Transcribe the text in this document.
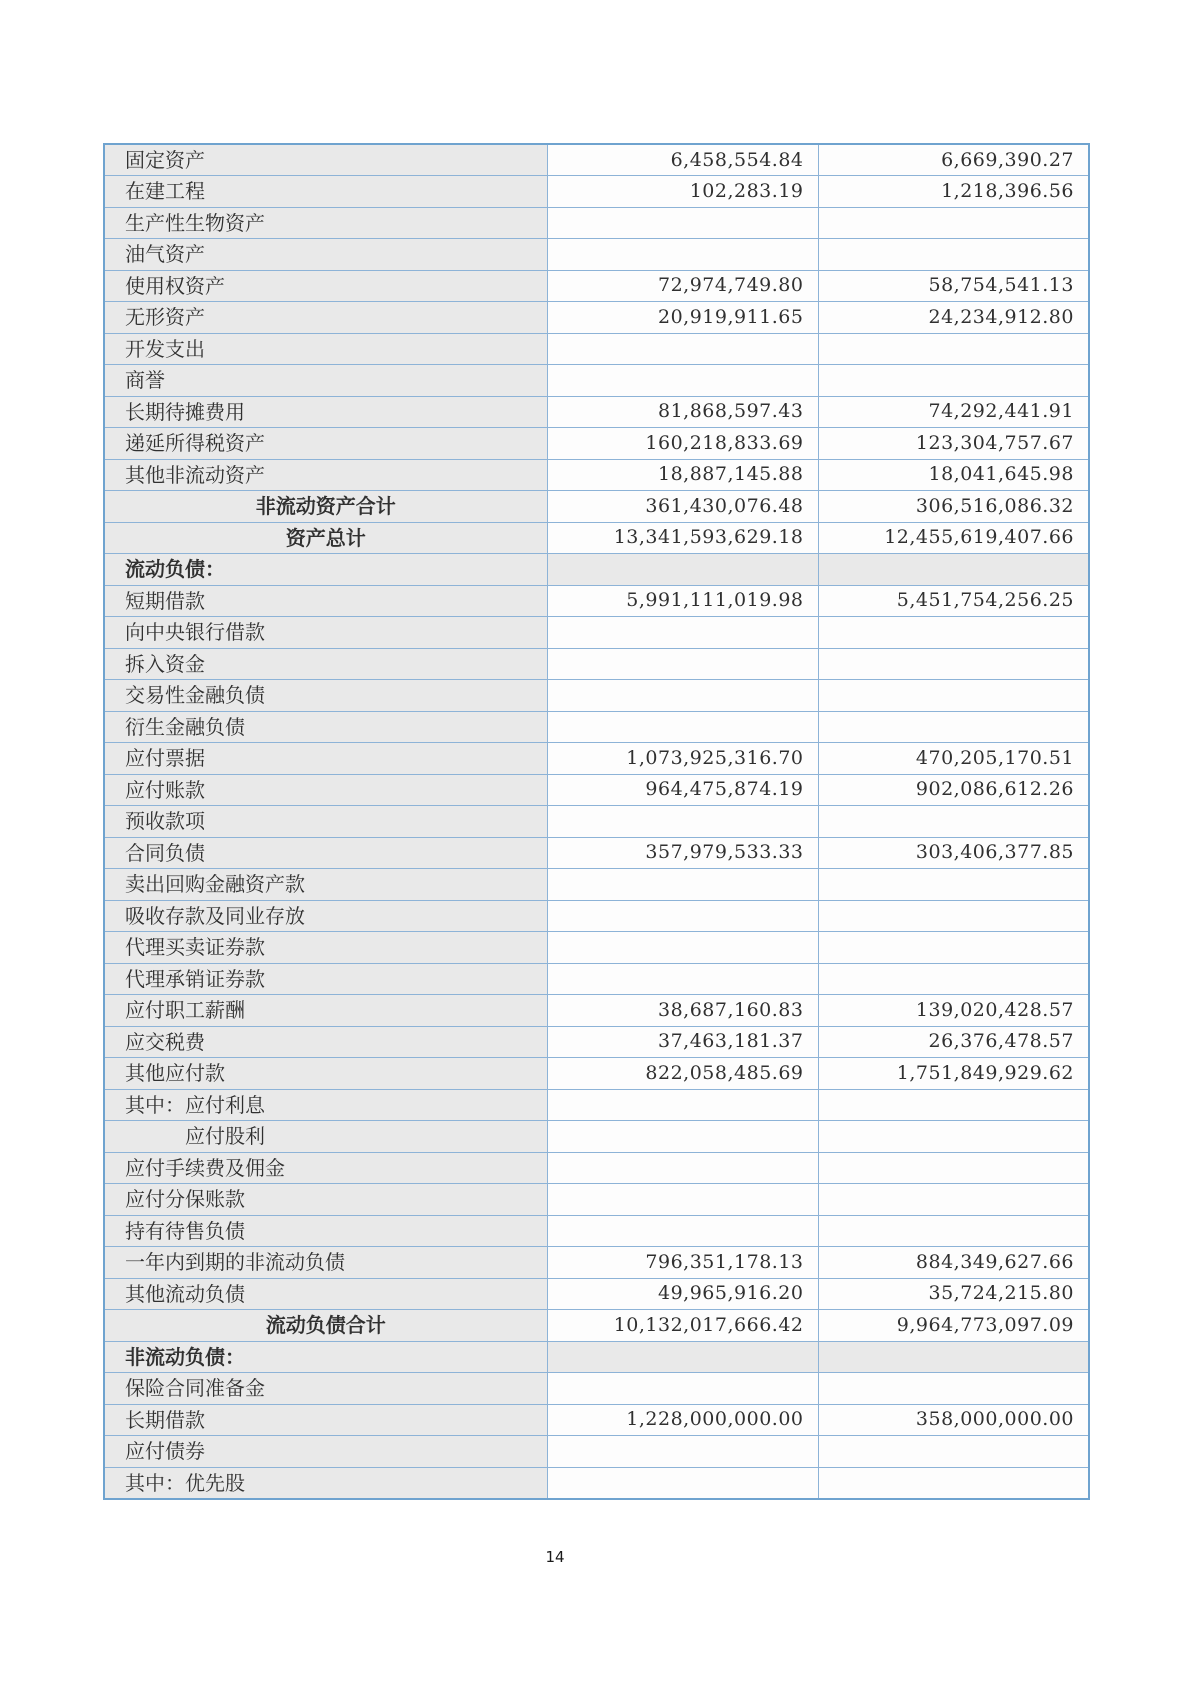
固定资产	6,458,554.84	6,669,390.27
在建工程	102,283.19	1,218,396.56
生产性生物资产		
油气资产		
使用权资产	72,974,749.80	58,754,541.13
无形资产	20,919,911.65	24,234,912.80
开发支出		
商誉		
长期待摊费用	81,868,597.43	74,292,441.91
递延所得税资产	160,218,833.69	123,304,757.67
其他非流动资产	18,887,145.88	18,041,645.98
非流动资产合计	361,430,076.48	306,516,086.32
资产总计	13,341,593,629.18	12,455,619,407.66
流动负债：		
短期借款	5,991,111,019.98	5,451,754,256.25
向中央银行借款		
拆入资金		
交易性金融负债		
衍生金融负债		
应付票据	1,073,925,316.70	470,205,170.51
应付账款	964,475,874.19	902,086,612.26
预收款项		
合同负债	357,979,533.33	303,406,377.85
卖出回购金融资产款		
吸收存款及同业存放		
代理买卖证券款		
代理承销证券款		
应付职工薪酬	38,687,160.83	139,020,428.57
应交税费	37,463,181.37	26,376,478.57
其他应付款	822,058,485.69	1,751,849,929.62
其中：应付利息		
应付股利		
应付手续费及佣金		
应付分保账款		
持有待售负债		
一年内到期的非流动负债	796,351,178.13	884,349,627.66
其他流动负债	49,965,916.20	35,724,215.80
流动负债合计	10,132,017,666.42	9,964,773,097.09
非流动负债：		
保险合同准备金		
长期借款	1,228,000,000.00	358,000,000.00
应付债券		
其中：优先股		
14
